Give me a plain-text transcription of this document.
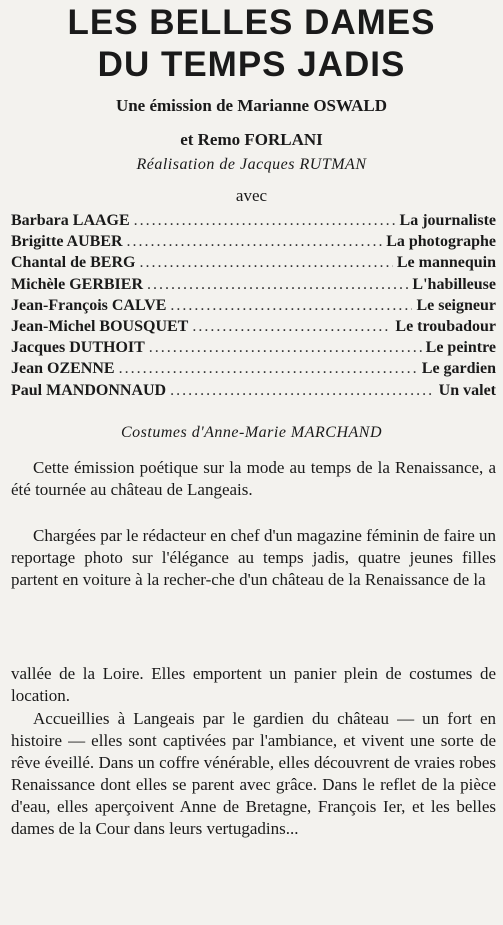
LES BELLES DAMES
DU TEMPS JADIS
Une émission de Marianne OSWALD
et Remo FORLANI
Réalisation de Jacques RUTMAN
avec
Barbara LAAGE .....	La journaliste
Brigitte AUBER .....	La photographe
Chantal de BERG .....	Le mannequin
Michèle GERBIER .....	L'habilleuse
Jean-François CALVE .....	Le seigneur
Jean-Michel BOUSQUET .....	Le troubadour
Jacques DUTHOIT .....	Le peintre
Jean OZENNE .....	Le gardien
Paul MANDONNAUD .....	Un valet
Costumes d'Anne-Marie MARCHAND

Cette émission poétique sur la mode au temps de la Renaissance, a été tournée au château de Langeais.

Chargées par le rédacteur en chef d'un magazine féminin de faire un reportage photo sur l'élégance au temps jadis, quatre jeunes filles partent en voiture à la recher-che d'un château de la Renaissance de la

vallée de la Loire. Elles emportent un panier plein de costumes de location.

Accueillies à Langeais par le gardien du château — un fort en histoire — elles sont captivées par l'ambiance, et vivent une sorte de rêve éveillé. Dans un coffre vénérable, elles découvrent de vraies robes Renaissance dont elles se parent avec grâce. Dans le reflet de la pièce d'eau, elles aperçoivent Anne de Bretagne, François Ier, et les belles dames de la Cour dans leurs vertugadins...
